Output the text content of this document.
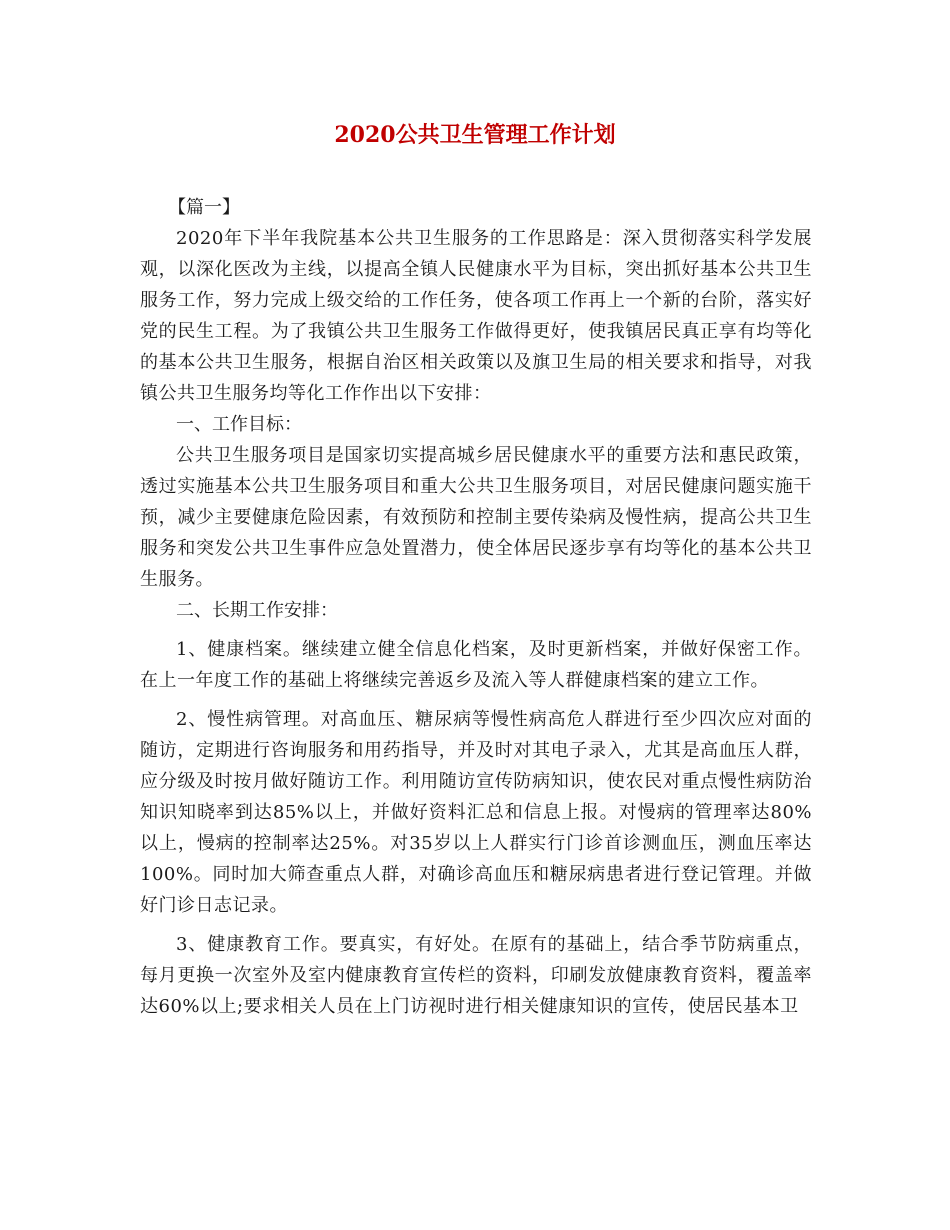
2020公共卫生管理工作计划

【篇一】

2020年下半年我院基本公共卫生服务的工作思路是：深入贯彻落实科学发展观，以深化医改为主线，以提高全镇人民健康水平为目标，突出抓好基本公共卫生服务工作，努力完成上级交给的工作任务，使各项工作再上一个新的台阶，落实好党的民生工程。为了我镇公共卫生服务工作做得更好，使我镇居民真正享有均等化的基本公共卫生服务，根据自治区相关政策以及旗卫生局的相关要求和指导，对我镇公共卫生服务均等化工作作出以下安排：

一、工作目标：

公共卫生服务项目是国家切实提高城乡居民健康水平的重要方法和惠民政策，透过实施基本公共卫生服务项目和重大公共卫生服务项目，对居民健康问题实施干预，减少主要健康危险因素，有效预防和控制主要传染病及慢性病，提高公共卫生服务和突发公共卫生事件应急处置潜力，使全体居民逐步享有均等化的基本公共卫生服务。

二、长期工作安排：

1、健康档案。继续建立健全信息化档案，及时更新档案，并做好保密工作。在上一年度工作的基础上将继续完善返乡及流入等人群健康档案的建立工作。

2、慢性病管理。对高血压、糖尿病等慢性病高危人群进行至少四次应对面的随访，定期进行咨询服务和用药指导，并及时对其电子录入，尤其是高血压人群，应分级及时按月做好随访工作。利用随访宣传防病知识，使农民对重点慢性病防治知识知晓率到达85%以上，并做好资料汇总和信息上报。对慢病的管理率达80%以上，慢病的控制率达25%。对35岁以上人群实行门诊首诊测血压，测血压率达100%。同时加大筛查重点人群，对确诊高血压和糖尿病患者进行登记管理。并做好门诊日志记录。

3、健康教育工作。要真实，有好处。在原有的基础上，结合季节防病重点，每月更换一次室外及室内健康教育宣传栏的资料，印刷发放健康教育资料，覆盖率达60%以上;要求相关人员在上门访视时进行相关健康知识的宣传，使居民基本卫
